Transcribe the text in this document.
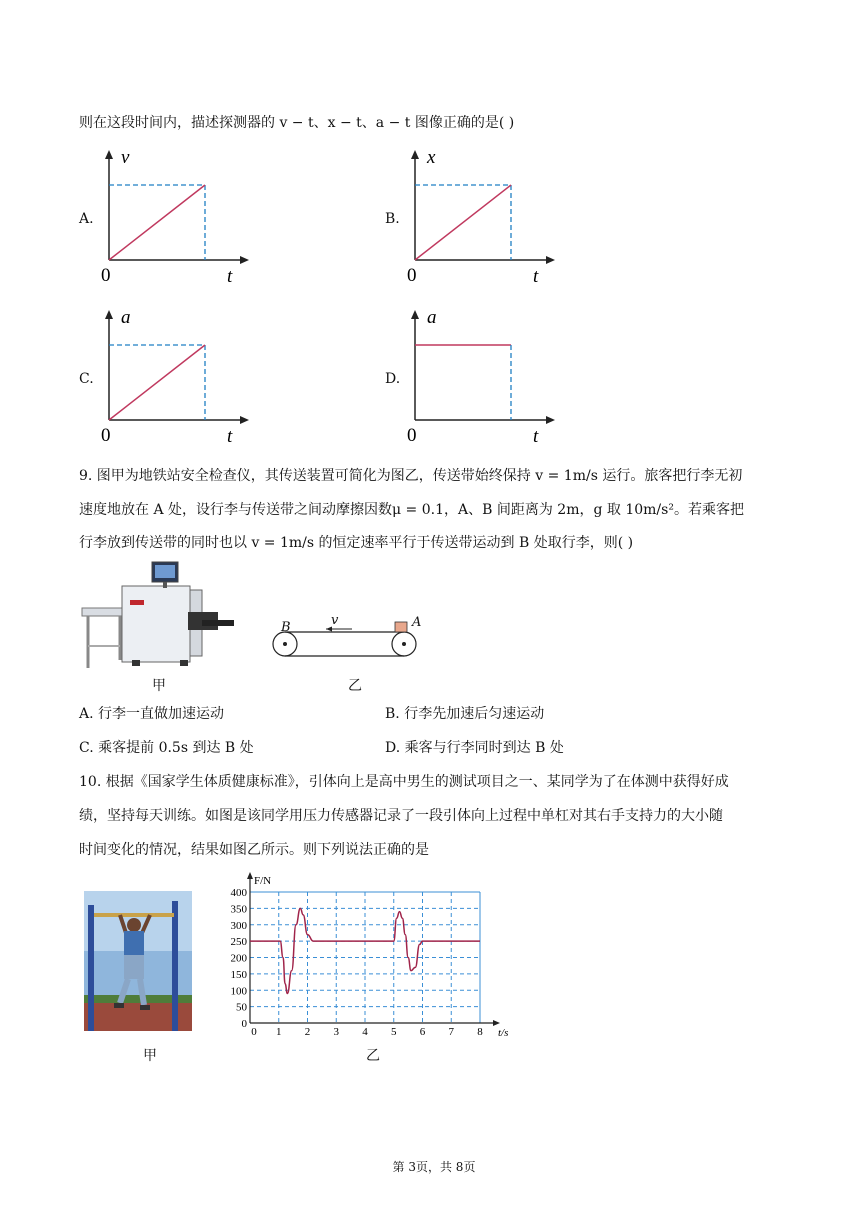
则在这段时间内，描述探测器的 v − t、x − t、a − t 图像正确的是( )
A.
v
t
0
B.
x
t
0
C.
a
t
0
D.
a
t
0
9. 图甲为地铁站安全检查仪，其传送装置可简化为图乙，传送带始终保持 v = 1m/s 运行。旅客把行李无初
速度地放在 A 处，设行李与传送带之间动摩擦因数μ = 0.1，A、B 间距离为 2m，g 取 10m/s²。若乘客把
行李放到传送带的同时也以 v = 1m/s 的恒定速率平行于传送带运动到 B 处取行李，则( )
甲
B	A
v
乙
A. 行李一直做加速运动	B. 行李先加速后匀速运动
C. 乘客提前 0.5s 到达 B 处	D. 乘客与行李同时到达 B 处
10. 根据《国家学生体质健康标准》，引体向上是高中男生的测试项目之一、某同学为了在体测中获得好成
绩，坚持每天训练。如图是该同学用压力传感器记录了一段引体向上过程中单杠对其右手支持力的大小随
时间变化的情况，结果如图乙所示。则下列说法正确的是
甲
0
50
100
150
200
250
300
350
400
0 1 2 3 4 5 6 7 8
F/N
t/s
乙
第 3页，共 8页
